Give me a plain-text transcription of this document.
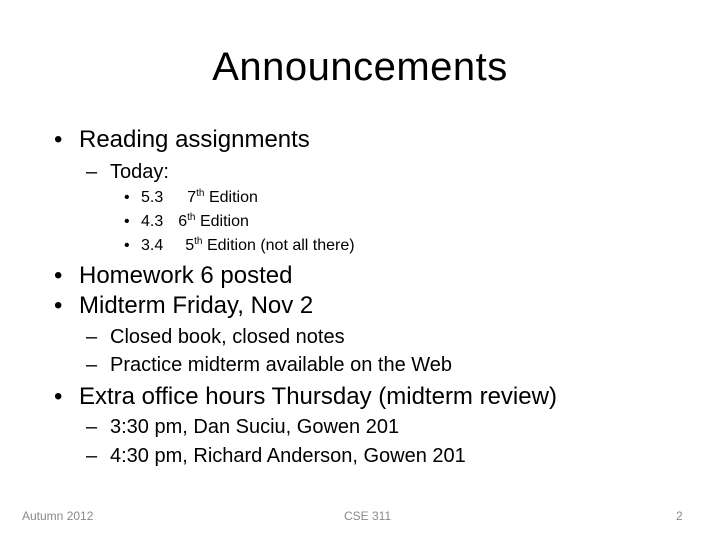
Announcements
• Reading assignments
– Today:
• 5.3 7th Edition
• 4.3 6th Edition
• 3.4 5th Edition (not all there)
• Homework 6 posted
• Midterm Friday, Nov 2
– Closed book, closed notes
– Practice midterm available on the Web
• Extra office hours Thursday (midterm review)
– 3:30 pm, Dan Suciu, Gowen 201
– 4:30 pm, Richard Anderson, Gowen 201
Autumn 2012	CSE 311	2
